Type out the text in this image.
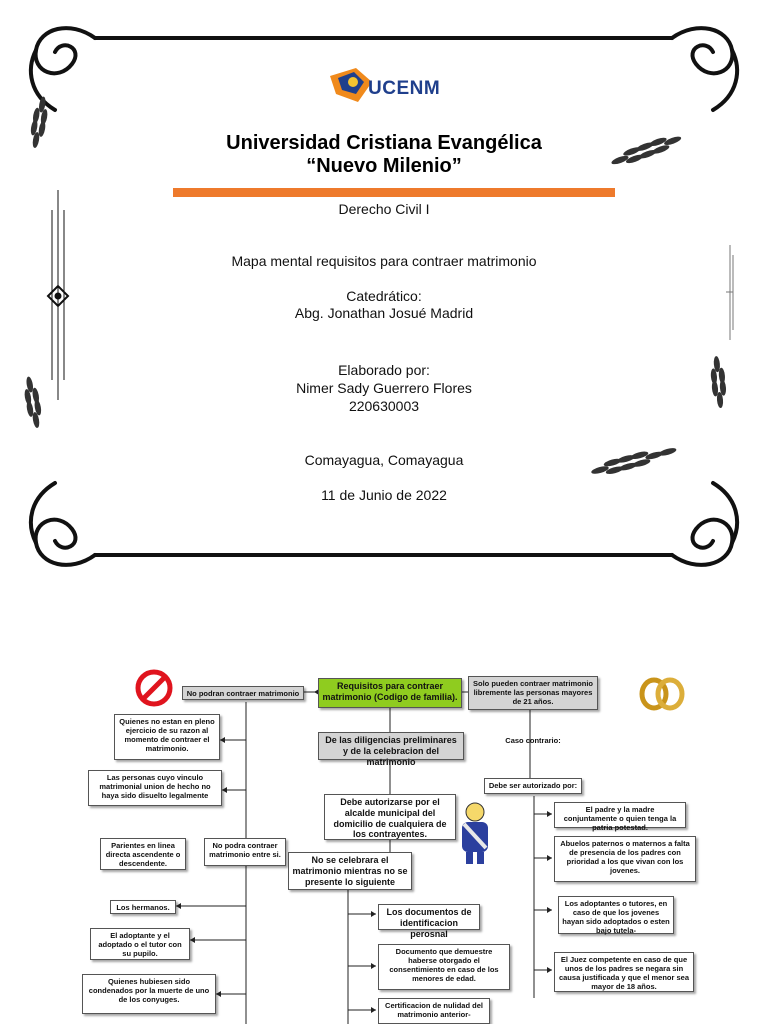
UCENM
Universidad Cristiana Evangélica
“Nuevo Milenio”
Derecho Civil I
Mapa mental requisitos para contraer matrimonio
Catedrático:
Abg. Jonathan Josué Madrid
Elaborado por:
Nimer Sady Guerrero Flores
220630003
Comayagua, Comayagua
11 de Junio de 2022
Requisitos para contraer matrimonio (Codigo de familia).
No podran contraer matrimonio
Quienes no estan en pleno ejercicio de su razon al momento de contraer el matrimonio.
Las personas cuyo vinculo matrimonial union de hecho no haya sido disuelto legalmente
Parientes en linea directa ascendente o descendente.
No podra contraer matrimonio entre si.
Los hermanos.
El adoptante y el adoptado o el tutor con su pupilo.
Quienes hubiesen sido condenados por la muerte de uno de los conyuges.
De las diligencias preliminares y de la celebracion del matrimonio
Debe autorizarse por el alcalde municipal del domicilio de cualquiera de los contrayentes.
No se celebrara el matrimonio mientras no se presente lo siguiente
Los documentos de identificacion perosnal
Documento que demuestre haberse otorgado el consentimiento en caso de los menores de edad.
Certificacion de nulidad del matrimonio anterior-
Solo pueden contraer matrimonio libremente las personas mayores de 21 años.
Caso contrario:
Debe ser autorizado por:
El padre y la madre conjuntamente o quien tenga la patria potestad.
Abuelos paternos o maternos a falta de presencia de los padres con prioridad a los que vivan con los jovenes.
Los adoptantes o tutores, en caso de que los jovenes hayan sido adoptados o esten bajo tutela-
El Juez competente en caso de que unos de los padres se negara sin causa justificada y que el menor sea mayor de 18 años.
